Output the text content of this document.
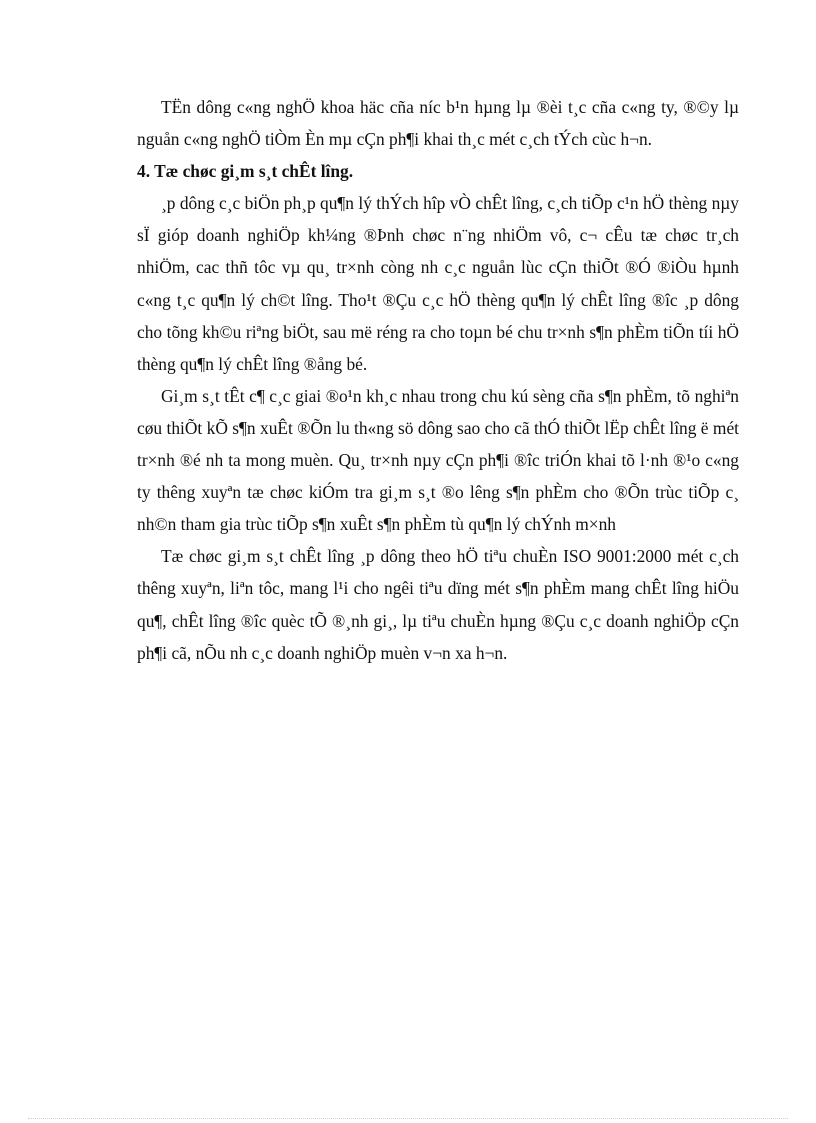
TËn dông c«ng nghÖ khoa häc cña níc b¹n hµng lµ ®èi t¸c cña c«ng ty, ®©y lµ nguån c«ng nghÖ tiÒm Èn mµ cÇn ph¶i khai th¸c mét c¸ch tÝch cùc h¬n.

4. Tæ chøc gi¸m s¸t chÊt lîng.

¸p dông c¸c biÖn ph¸p qu¶n lý thÝch hîp vÒ chÊt lîng, c¸ch tiÕp c¹n hÖ thèng nµy sÏ gióp doanh nghiÖp kh¼ng ®Þnh chøc n¨ng nhiÖm vô, c¬ cÊu tæ chøc tr¸ch nhiÖm, cac thñ tôc vµ qu¸ tr×nh còng nh c¸c nguån lùc cÇn thiÕt ®Ó ®iÒu hµnh c«ng t¸c qu¶n lý ch©t lîng. Tho¹t ®Çu c¸c hÖ thèng qu¶n lý chÊt lîng ®îc ¸p dông cho tõng kh©u riªng biÖt, sau më réng ra cho toµn bé chu tr×nh s¶n phÈm tiÕn tíi hÖ thèng qu¶n lý chÊt lîng ®ång bé.

Gi¸m s¸t tÊt c¶ c¸c giai ®o¹n kh¸c nhau trong chu kú sèng cña s¶n phÈm, tõ nghiªn cøu thiÕt kÕ s¶n xuÊt ®Õn lu th«ng sö dông sao cho cã thÓ thiÕt lËp chÊt lîng ë mét tr×nh ®é nh ta mong muèn. Qu¸ tr×nh nµy cÇn ph¶i ®îc triÓn khai tõ l·nh ®¹o c«ng ty thêng xuyªn tæ chøc kiÓm tra gi¸m s¸t ®o lêng s¶n phÈm cho ®Õn trùc tiÕp c¸ nh©n tham gia trùc tiÕp s¶n xuÊt s¶n phÈm tù qu¶n lý chÝnh m×nh

Tæ chøc gi¸m s¸t chÊt lîng ¸p dông theo hÖ tiªu chuÈn ISO 9001:2000 mét c¸ch thêng xuyªn, liªn tôc, mang l¹i cho ngêi tiªu dïng mét s¶n phÈm mang chÊt lîng hiÖu qu¶, chÊt lîng ®îc quèc tÕ ®¸nh gi¸, lµ tiªu chuÈn hµng ®Çu c¸c doanh nghiÖp cÇn ph¶i cã, nÕu nh c¸c doanh nghiÖp muèn v¬n xa h¬n.
